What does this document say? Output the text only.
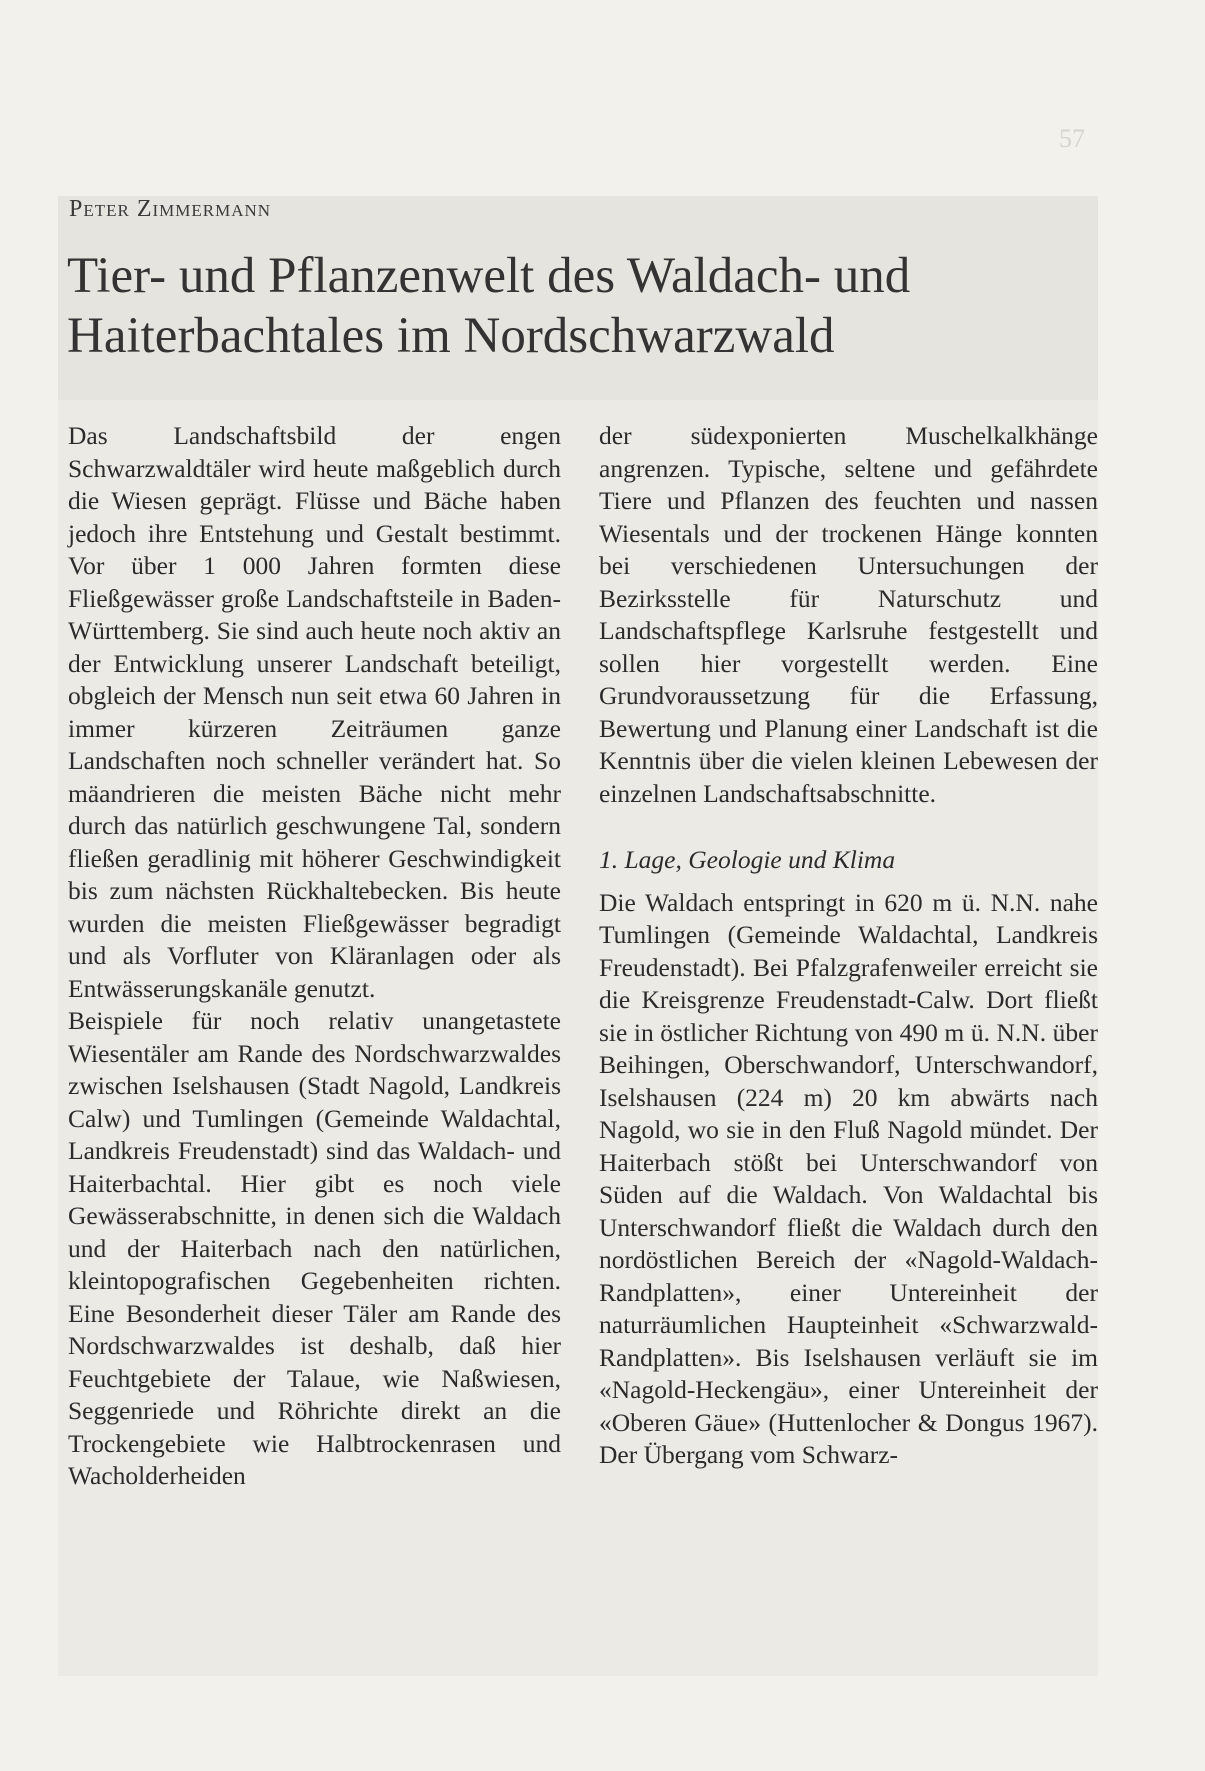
57
Peter Zimmermann
Tier- und Pflanzenwelt des Waldach- und
Haiterbachtales im Nordschwarzwald

Das Landschaftsbild der engen Schwarzwaldtäler wird heute maßgeblich durch die Wiesen geprägt. Flüsse und Bäche haben jedoch ihre Entstehung und Gestalt bestimmt. Vor über 1 000 Jahren formten diese Fließgewässer große Landschaftsteile in Baden-Württemberg. Sie sind auch heute noch aktiv an der Entwicklung unserer Landschaft beteiligt, obgleich der Mensch nun seit etwa 60 Jahren in immer kürzeren Zeiträumen ganze Landschaften noch schneller verändert hat. So mäandrieren die meisten Bäche nicht mehr durch das natürlich geschwungene Tal, sondern fließen geradlinig mit höherer Geschwindigkeit bis zum nächsten Rückhaltebecken. Bis heute wurden die meisten Fließgewässer begradigt und als Vorfluter von Kläranlagen oder als Entwässerungskanäle genutzt.

Beispiele für noch relativ unangetastete Wiesentäler am Rande des Nordschwarzwaldes zwischen Iselshausen (Stadt Nagold, Landkreis Calw) und Tumlingen (Gemeinde Waldachtal, Landkreis Freudenstadt) sind das Waldach- und Haiterbachtal. Hier gibt es noch viele Gewässerabschnitte, in denen sich die Waldach und der Haiterbach nach den natürlichen, kleintopografischen Gegebenheiten richten. Eine Besonderheit dieser Täler am Rande des Nordschwarzwaldes ist deshalb, daß hier Feuchtgebiete der Talaue, wie Naßwiesen, Seggenriede und Röhrichte direkt an die Trockengebiete wie Halbtrockenrasen und Wacholderheiden

der südexponierten Muschelkalkhänge angrenzen. Typische, seltene und gefährdete Tiere und Pflanzen des feuchten und nassen Wiesentals und der trockenen Hänge konnten bei verschiedenen Untersuchungen der Bezirksstelle für Naturschutz und Landschaftspflege Karlsruhe festgestellt und sollen hier vorgestellt werden. Eine Grundvoraussetzung für die Erfassung, Bewertung und Planung einer Landschaft ist die Kenntnis über die vielen kleinen Lebewesen der einzelnen Landschaftsabschnitte.

1. Lage, Geologie und Klima

Die Waldach entspringt in 620 m ü. N.N. nahe Tumlingen (Gemeinde Waldachtal, Landkreis Freudenstadt). Bei Pfalzgrafenweiler erreicht sie die Kreisgrenze Freudenstadt-Calw. Dort fließt sie in östlicher Richtung von 490 m ü. N.N. über Beihingen, Oberschwandorf, Unterschwandorf, Iselshausen (224 m) 20 km abwärts nach Nagold, wo sie in den Fluß Nagold mündet. Der Haiterbach stößt bei Unterschwandorf von Süden auf die Waldach. Von Waldachtal bis Unterschwandorf fließt die Waldach durch den nordöstlichen Bereich der «Nagold-Waldach-Randplatten», einer Untereinheit der naturräumlichen Haupteinheit «Schwarzwald-Randplatten». Bis Iselshausen verläuft sie im «Nagold-Heckengäu», einer Untereinheit der «Oberen Gäue» (Huttenlocher & Dongus 1967). Der Übergang vom Schwarz-
